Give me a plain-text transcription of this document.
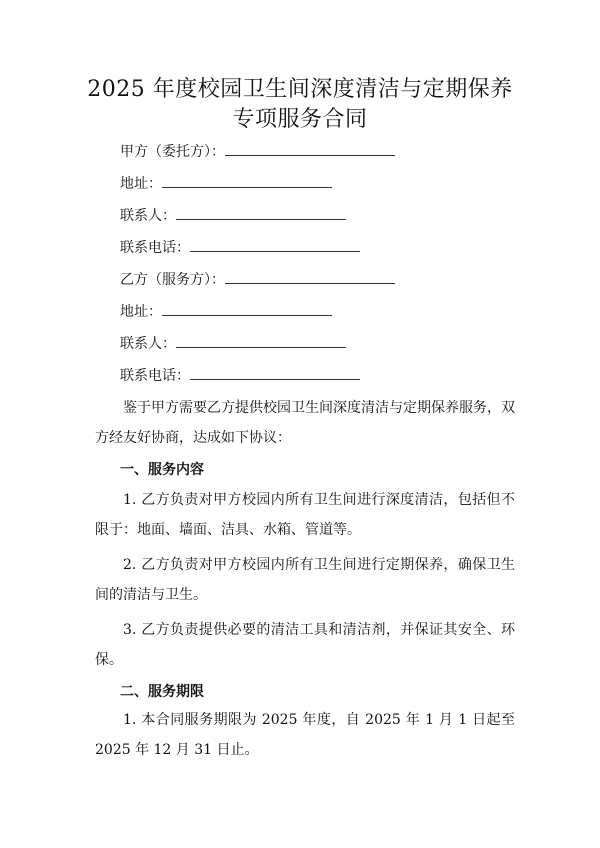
2025 年度校园卫生间深度清洁与定期保养
专项服务合同
甲方（委托方）：
地址：
联系人：
联系电话：
乙方（服务方）：
地址：
联系人：
联系电话：
鉴于甲方需要乙方提供校园卫生间深度清洁与定期保养服务，双方经友好协商，达成如下协议：
一、服务内容
1. 乙方负责对甲方校园内所有卫生间进行深度清洁，包括但不限于：地面、墙面、洁具、水箱、管道等。
2. 乙方负责对甲方校园内所有卫生间进行定期保养，确保卫生间的清洁与卫生。
3. 乙方负责提供必要的清洁工具和清洁剂，并保证其安全、环保。
二、服务期限
1. 本合同服务期限为 2025 年度，自 2025 年 1 月 1 日起至 2025 年 12 月 31 日止。
